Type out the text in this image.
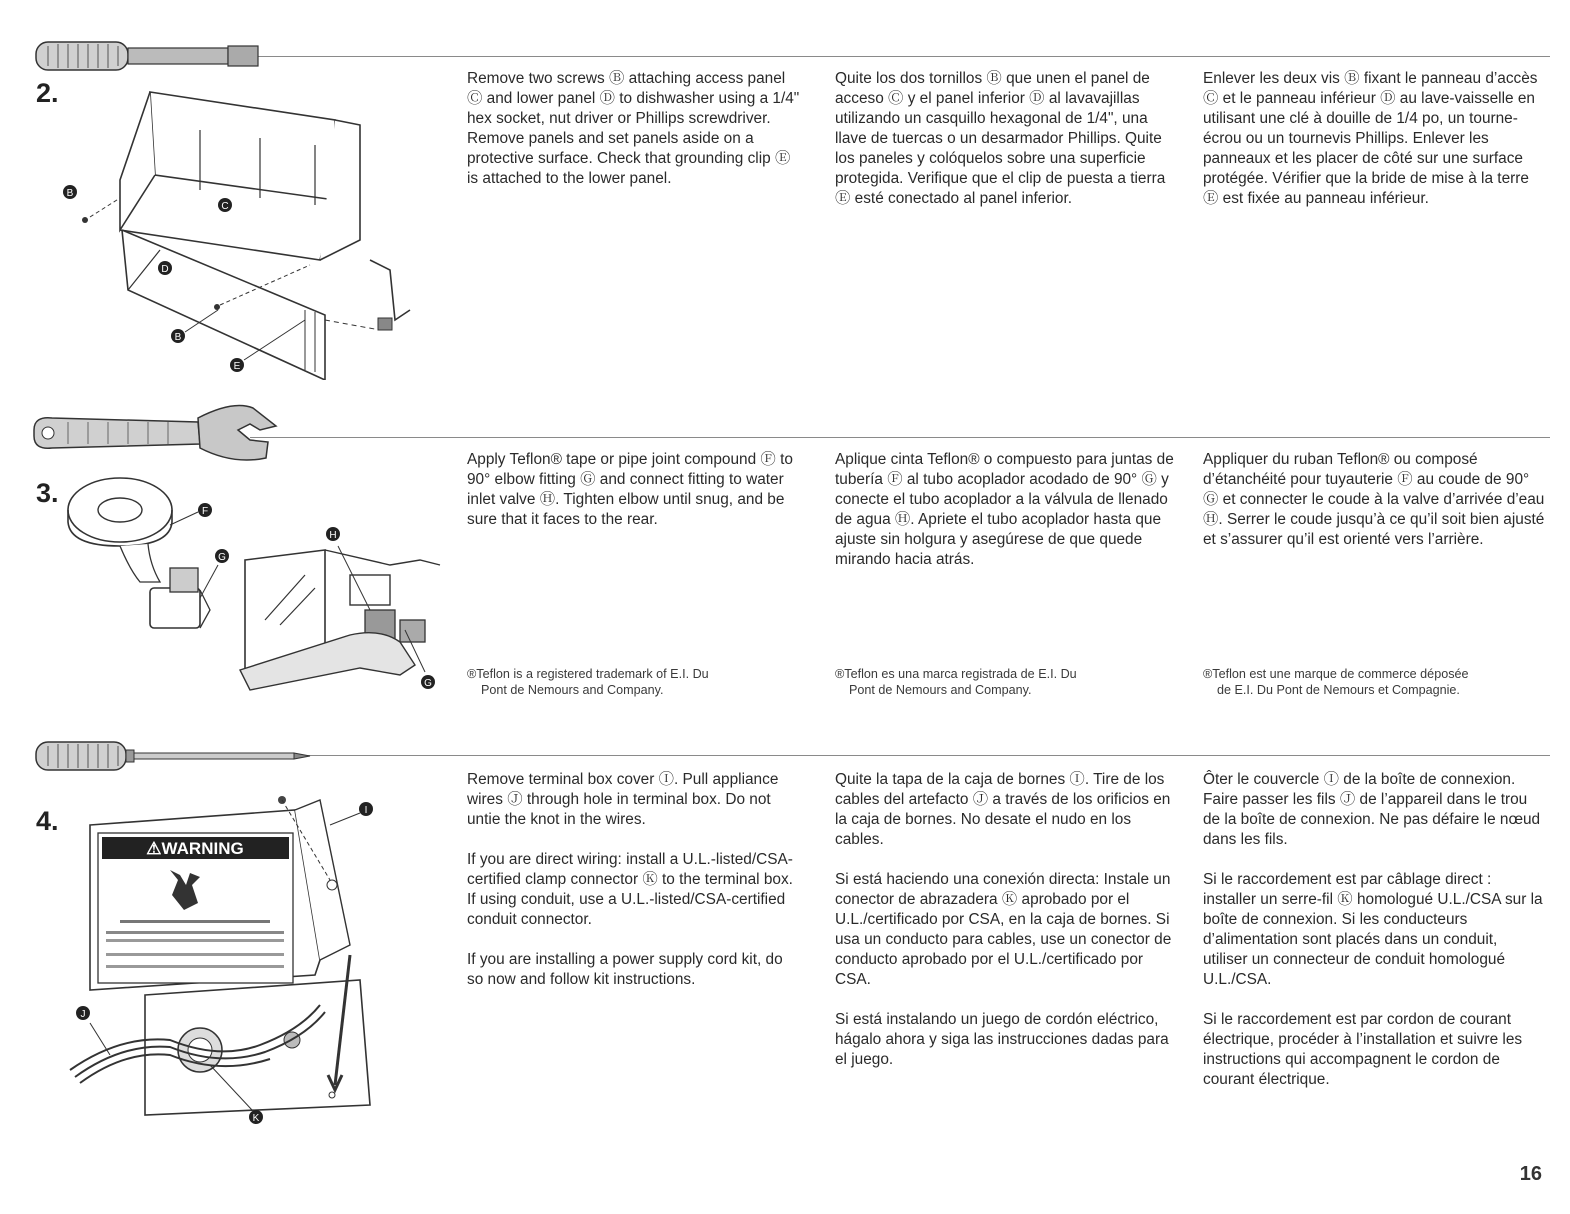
2.
B
C
D
B
E

Remove two screws Ⓑ attaching access panel Ⓒ and lower panel Ⓓ to dishwasher using a 1/4" hex socket, nut driver or Phillips screwdriver. Remove panels and set panels aside on a protective surface. Check that grounding clip Ⓔ is attached to the lower panel.

Quite los dos tornillos Ⓑ que unen el panel de acceso Ⓒ y el panel inferior Ⓓ al lavavajillas utilizando un casquillo hexagonal de 1/4", una llave de tuercas o un desarmador Phillips. Quite los paneles y colóquelos sobre una superficie protegida. Verifique que el clip de puesta a tierra Ⓔ esté conectado al panel inferior.

Enlever les deux vis Ⓑ fixant le panneau d’accès Ⓒ et le panneau inférieur Ⓓ au lave-vaisselle en utilisant une clé à douille de 1/4 po, un tourne-écrou ou un tournevis Phillips. Enlever les panneaux et les placer de côté sur une surface protégée. Vérifier que la bride de mise à la terre Ⓔ est fixée au panneau inférieur.

3.
F
G
H
G

Apply Teflon® tape or pipe joint compound Ⓕ to 90° elbow fitting Ⓖ and connect fitting to water inlet valve Ⓗ. Tighten elbow until snug, and be sure that it faces to the rear.

Aplique cinta Teflon® o compuesto para juntas de tubería Ⓕ al tubo acoplador acodado de 90° Ⓖ y conecte el tubo acoplador a la válvula de llenado de agua Ⓗ. Apriete el tubo acoplador hasta que ajuste sin holgura y asegúrese de que quede mirando hacia atrás.

Appliquer du ruban Teflon® ou composé d’étanchéité pour tuyauterie Ⓕ au coude de 90° Ⓖ et connecter le coude à la valve d’arrivée d’eau Ⓗ. Serrer le coude jusqu’à ce qu’il soit bien ajusté et s’assurer qu’il est orienté vers l’arrière.

®Teflon is a registered trademark of E.I. Du
Pont de Nemours and Company.
®Teflon es una marca registrada de E.I. Du
Pont de Nemours and Company.
®Teflon est une marque de commerce déposée
de E.I. Du Pont de Nemours et Compagnie.
4.
⚠WARNING
I
J
K

Remove terminal box cover Ⓘ. Pull appliance wires Ⓙ through hole in terminal box. Do not untie the knot in the wires.

If you are direct wiring: install a U.L.-listed/CSA-certified clamp connector Ⓚ to the terminal box. If using conduit, use a U.L.-listed/CSA-certified conduit connector.

If you are installing a power supply cord kit, do so now and follow kit instructions.

Quite la tapa de la caja de bornes Ⓘ. Tire de los cables del artefacto Ⓙ a través de los orificios en la caja de bornes. No desate el nudo en los cables.

Si está haciendo una conexión directa: Instale un conector de abrazadera Ⓚ aprobado por el U.L./certificado por CSA, en la caja de bornes. Si usa un conducto para cables, use un conector de conducto aprobado por el U.L./certificado por CSA.

Si está instalando un juego de cordón eléctrico, hágalo ahora y siga las instrucciones dadas para el juego.

Ôter le couvercle Ⓘ de la boîte de connexion. Faire passer les fils Ⓙ de l’appareil dans le trou de la boîte de connexion. Ne pas défaire le nœud dans les fils.

Si le raccordement est par câblage direct : installer un serre-fil Ⓚ homologué U.L./CSA sur la boîte de connexion. Si les conducteurs d’alimentation sont placés dans un conduit, utiliser un connecteur de conduit homologué U.L./CSA.

Si le raccordement est par cordon de courant électrique, procéder à l’installation et suivre les instructions qui accompagnent le cordon de courant électrique.

16
